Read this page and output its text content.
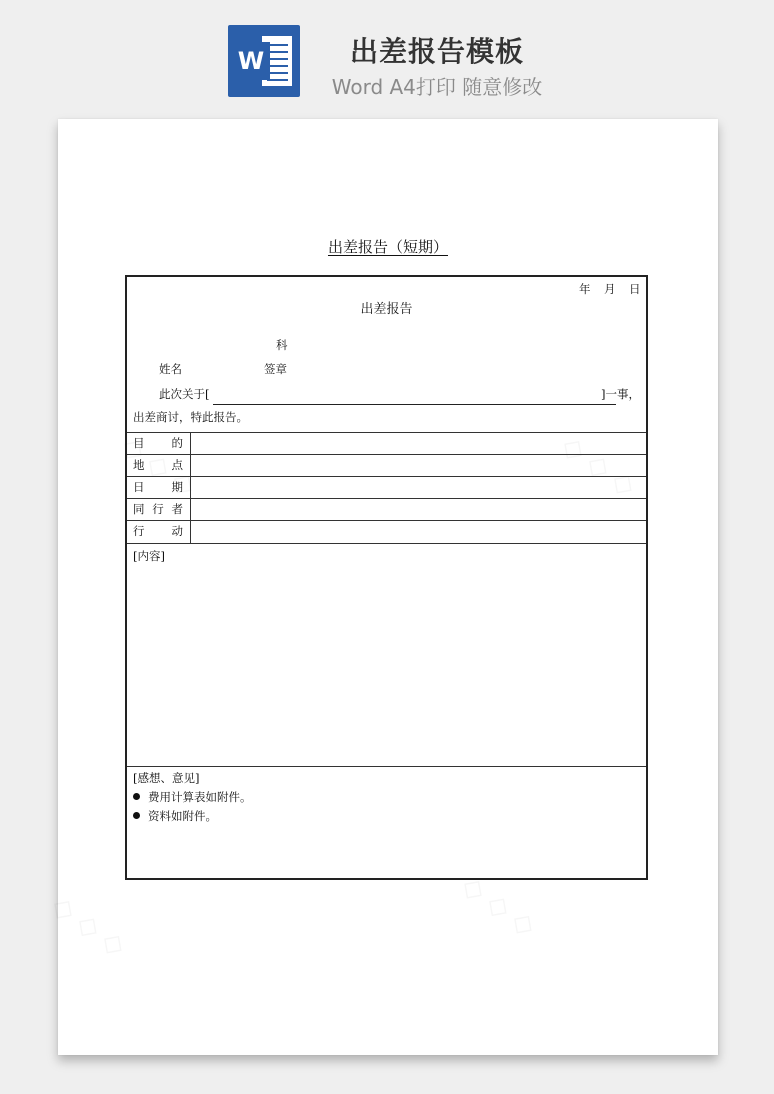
W	出差报告模板
Word A4打印 随意修改
出差报告（短期）
年 月 日
出差报告
科
姓名	签章
此次关于[	]一事，
出差商讨，特此报告。
目 的
地 点
日 期
同 行 者
行 动
[内容]
[感想、意见]
费用计算表如附件。
资料如附件。
